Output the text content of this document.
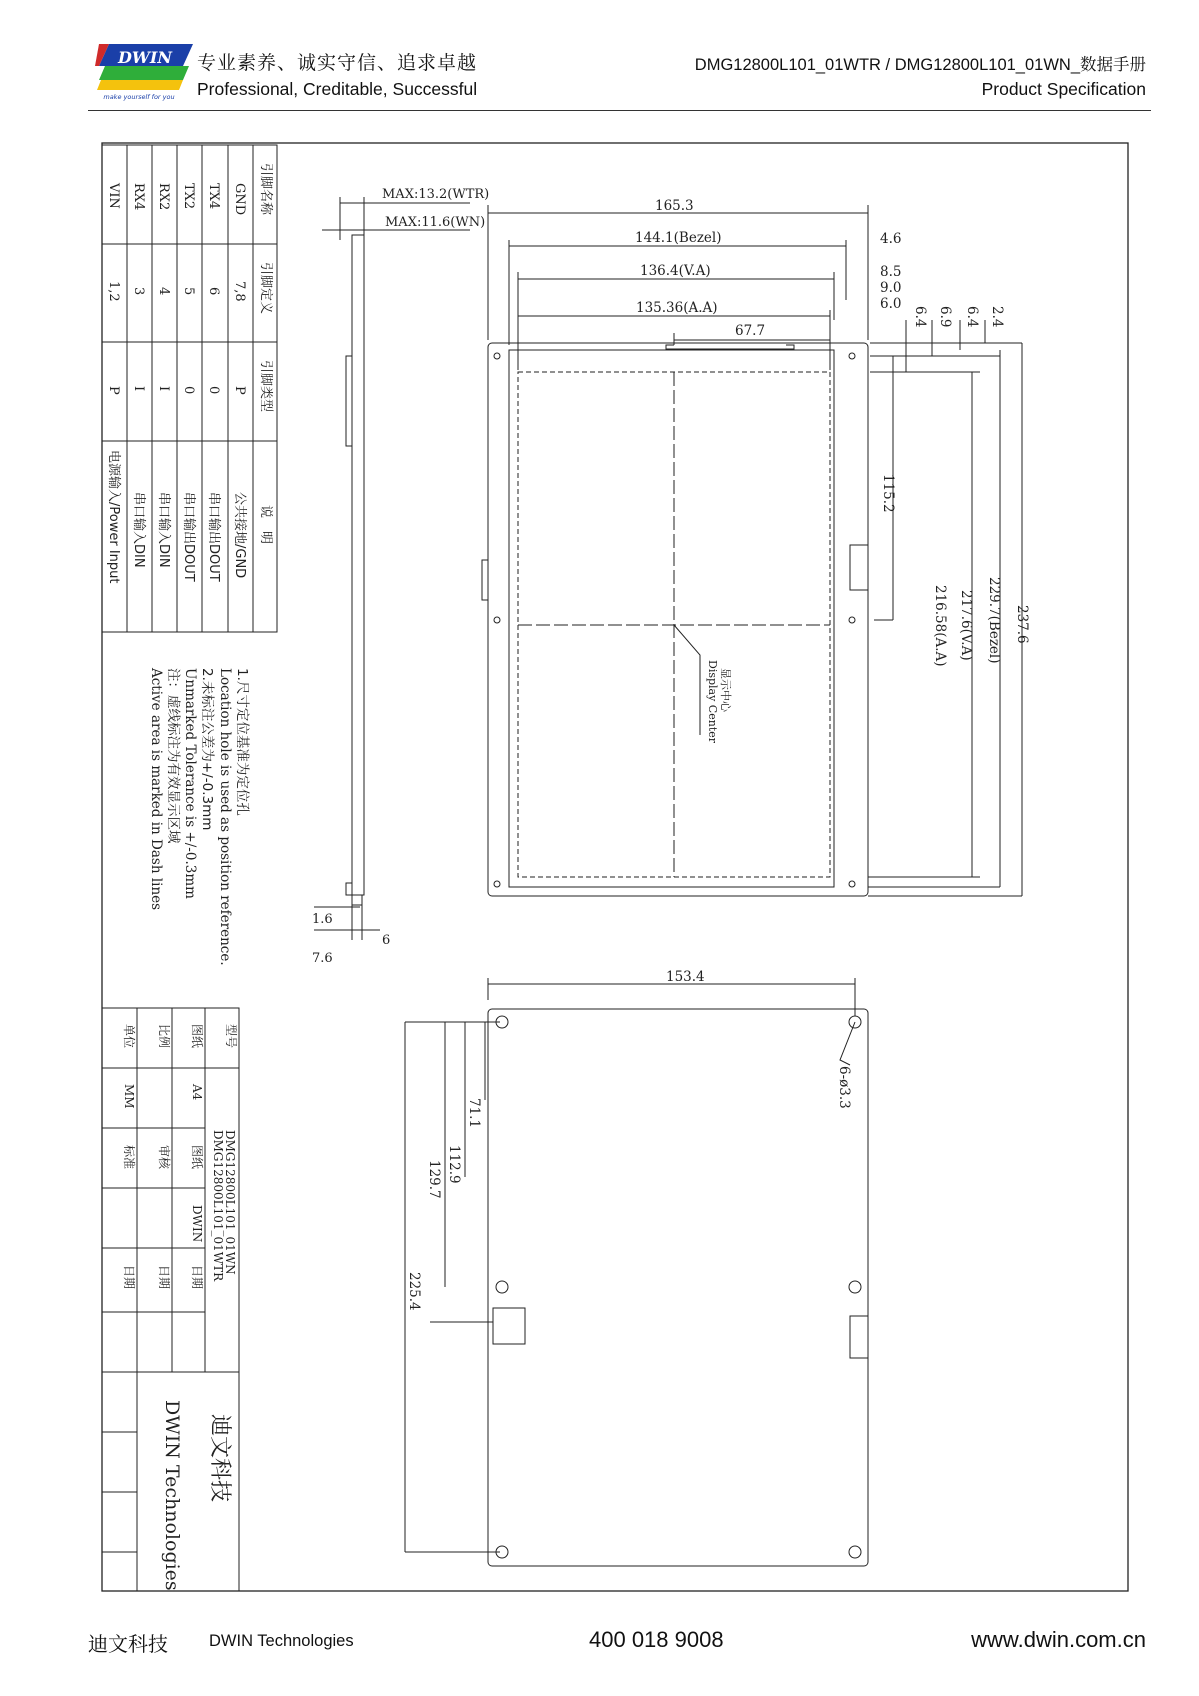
DWIN
make yourself for you
专业素养、诚实守信、追求卓越
Professional, Creditable, Successful
DMG12800L101_01WTR / DMG12800L101_01WN_数据手册
Product Specification
引脚名称
引脚定义
引脚类型
说　明
GND
7,8
P
公共接地/GND
TX4
6
0
串口输出DOUT
TX2
5
0
串口输出DOUT
RX2
4
I
串口输入DIN
RX4
3
I
串口输入DIN
VIN
1,2
P
电源输入/Power Input
1.尺寸定位基准为定位孔
Location hole is used as position reference.
2.未标注公差为+/-0.3mm
Unmarked Tolerance is +/-0.3mm
注：虚线标注为有效显示区域
Active area is marked in Dash lines
型号
DMG12800L101_01WN
DMG12800L101_01WTR
图纸
A4
比例
单位
MM
图纸
审核
标准
DWIN
日期
日期
日期
迪文科技
DWIN Technologies
MAX:13.2(WTR)
MAX:11.6(WN)
1.6
6
7.6
165.3
144.1(Bezel)
136.4(V.A)
135.36(A.A)
67.7
4.6
8.5
9.0
6.0
6.4 6.9 6.4 2.4
115.2
216.58(A.A) 217.6(V.A) 229.7(Bezel) 237.6
显示中心
Display Center
153.4
6-ø3.3
71.1
112.9
129.7
225.4
迪文科技 DWIN Technologies	400 018 9008	www.dwin.com.cn
